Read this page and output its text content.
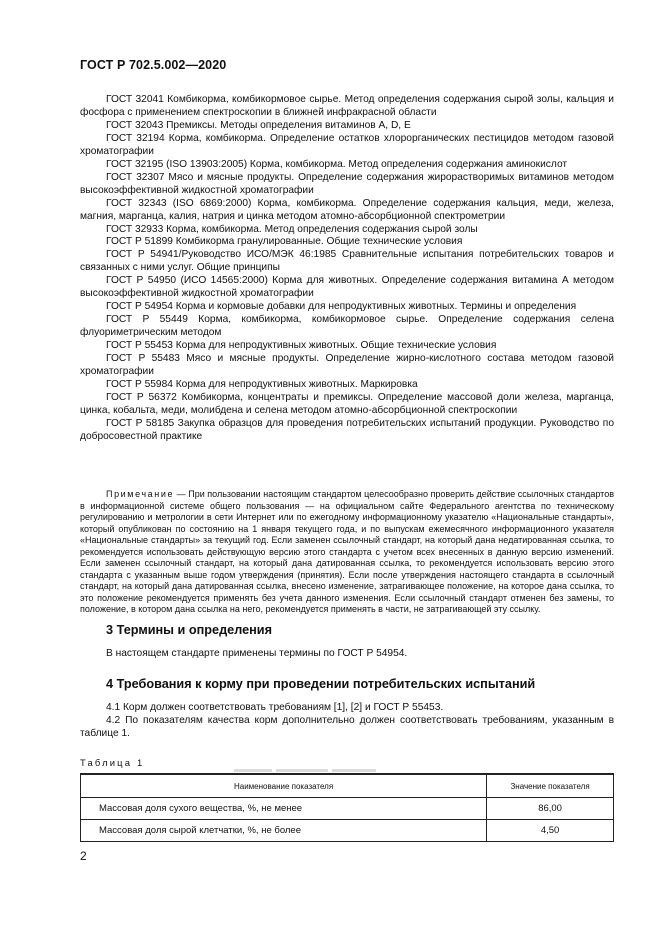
ГОСТ Р 702.5.002—2020

ГОСТ 32041 Комбикорма, комбикормовое сырье. Метод определения содержания сырой золы, кальция и фосфора с применением спектроскопии в ближней инфракрасной области

ГОСТ 32043 Премиксы. Методы определения витаминов А, D, Е

ГОСТ 32194 Корма, комбикорма. Определение остатков хлорорганических пестицидов методом газовой хроматографии

ГОСТ 32195 (ISO 13903:2005) Корма, комбикорма. Метод определения содержания аминокислот

ГОСТ 32307 Мясо и мясные продукты. Определение содержания жирорастворимых витаминов методом высокоэффективной жидкостной хроматографии

ГОСТ 32343 (ISO 6869:2000) Корма, комбикорма. Определение содержания кальция, меди, железа, магния, марганца, калия, натрия и цинка методом атомно-абсорбционной спектрометрии

ГОСТ 32933 Корма, комбикорма. Метод определения содержания сырой золы

ГОСТ Р 51899 Комбикорма гранулированные. Общие технические условия

ГОСТ Р 54941/Руководство ИСО/МЭК 46:1985 Сравнительные испытания потребительских товаров и связанных с ними услуг. Общие принципы

ГОСТ Р 54950 (ИСО 14565:2000) Корма для животных. Определение содержания витамина А методом высокоэффективной жидкостной хроматографии

ГОСТ Р 54954 Корма и кормовые добавки для непродуктивных животных. Термины и определения

ГОСТ Р 55449 Корма, комбикорма, комбикормовое сырье. Определение содержания селена флуориметрическим методом

ГОСТ Р 55453 Корма для непродуктивных животных. Общие технические условия

ГОСТ Р 55483 Мясо и мясные продукты. Определение жирно-кислотного состава методом газовой хроматографии

ГОСТ Р 55984 Корма для непродуктивных животных. Маркировка

ГОСТ Р 56372 Комбикорма, концентраты и премиксы. Определение массовой доли железа, марганца, цинка, кобальта, меди, молибдена и селена методом атомно-абсорбционной спектроскопии

ГОСТ Р 58185 Закупка образцов для проведения потребительских испытаний продукции. Руководство по добросовестной практике

Примечание — При пользовании настоящим стандартом целесообразно проверить действие ссылочных стандартов в информационной системе общего пользования — на официальном сайте Федерального агентства по техническому регулированию и метрологии в сети Интернет или по ежегодному информационному указателю «Национальные стандарты», который опубликован по состоянию на 1 января текущего года, и по выпускам ежемесячного информационного указателя «Национальные стандарты» за текущий год. Если заменен ссылочный стандарт, на который дана недатированная ссылка, то рекомендуется использовать действующую версию этого стандарта с учетом всех внесенных в данную версию изменений. Если заменен ссылочный стандарт, на который дана датированная ссылка, то рекомендуется использовать версию этого стандарта с указанным выше годом утверждения (принятия). Если после утверждения настоящего стандарта в ссылочный стандарт, на который дана датированная ссылка, внесено изменение, затрагивающее положение, на которое дана ссылка, то это положение рекомендуется применять без учета данного изменения. Если ссылочный стандарт отменен без замены, то положение, в котором дана ссылка на него, рекомендуется применять в части, не затрагивающей эту ссылку.
3 Термины и определения

В настоящем стандарте применены термины по ГОСТ Р 54954.

4 Требования к корму при проведении потребительских испытаний

4.1 Корм должен соответствовать требованиям [1], [2] и ГОСТ Р 55453.

4.2 По показателям качества корм дополнительно должен соответствовать требованиям, указанным в таблице 1.

Таблица 1
Наименование показателя	Значение показателя
Массовая доля сухого вещества, %, не менее	86,00
Массовая доля сырой клетчатки, %, не более	4,50
2
